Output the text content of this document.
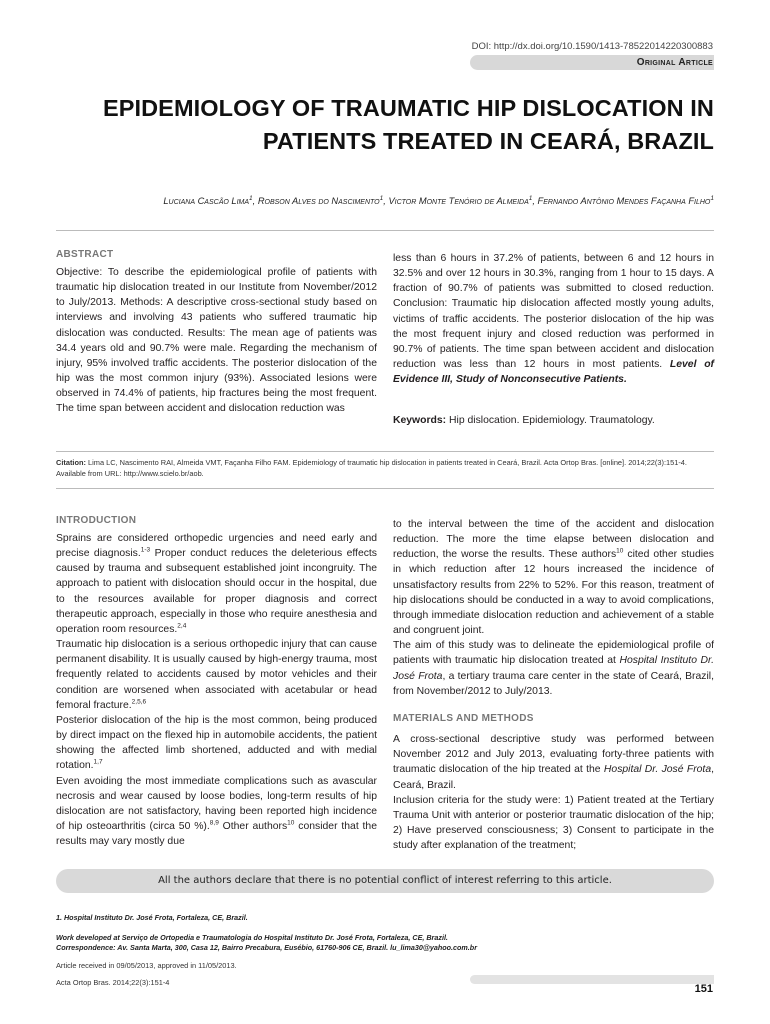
DOI: http://dx.doi.org/10.1590/1413-78522014220300883
Original Article
EPIDEMIOLOGY OF TRAUMATIC HIP DISLOCATION IN
PATIENTS TREATED IN CEARÁ, BRAZIL
Luciana Cascão Lima$^1$, Robson Alves do Nascimento$^1$, Victor Monte Tenório de Almeida$^1$, Fernando Antônio Mendes Façanha Filho$^1$
ABSTRACT

Objective: To describe the epidemiological profile of patients with traumatic hip dislocation treated in our Institute from November/2012 to July/2013. Methods: A descriptive cross-sectional study based on interviews and involving 43 patients who suffered traumatic hip dislocation was conducted. Results: The mean age of patients was 34.4 years old and 90.7% were male. Regarding the mechanism of injury, 95% involved traffic accidents. The posterior dislocation of the hip was the most common injury (93%). Associated lesions were observed in 74.4% of patients, hip fractures being the most frequent. The time span between accident and dislocation reduction was

less than 6 hours in 37.2% of patients, between 6 and 12 hours in 32.5% and over 12 hours in 30.3%, ranging from 1 hour to 15 days. A fraction of 90.7% of patients was submitted to closed reduction. Conclusion: Traumatic hip dislocation affected mostly young adults, victims of traffic accidents. The posterior dislocation of the hip was the most frequent injury and closed reduction was performed in 90.7% of patients. The time span between accident and dislocation reduction was less than 12 hours in most patients. Level of Evidence III, Study of Nonconsecutive Patients.

Keywords: Hip dislocation. Epidemiology. Traumatology.
Citation: Lima LC, Nascimento RAI, Almeida VMT, Façanha Filho FAM. Epidemiology of traumatic hip dislocation in patients treated in Ceará, Brazil. Acta Ortop Bras. [online]. 2014;22(3):151-4. Available from URL: http://www.scielo.br/aob.
INTRODUCTION

Sprains are considered orthopedic urgencies and need early and precise diagnosis.$^{1-3}$ Proper conduct reduces the deleterious effects caused by trauma and subsequent established joint incongruity. The approach to patient with dislocation should occur in the hospital, due to the resources available for proper diagnosis and correct therapeutic approach, especially in those who require anesthesia and operation room resources.$^{2,4}$

Traumatic hip dislocation is a serious orthopedic injury that can cause permanent disability. It is usually caused by high-energy trauma, most frequently related to accidents caused by motor vehicles and their condition are worsened when associated with acetabular or head femoral fracture.$^{2,5,6}$

Posterior dislocation of the hip is the most common, being produced by direct impact on the flexed hip in automobile accidents, the patient showing the affected limb shortened, adducted and with medial rotation.$^{1,7}$

Even avoiding the most immediate complications such as avascular necrosis and wear caused by loose bodies, long-term results of hip dislocation are not satisfactory, having been reported high incidence of hip osteoarthritis (circa 50 %).$^{8,9}$ Other authors$^{10}$ consider that the results may vary mostly due

to the interval between the time of the accident and dislocation reduction. The more the time elapse between dislocation and reduction, the worse the results. These authors$^{10}$ cited other studies in which reduction after 12 hours increased the incidence of unsatisfactory results from 22% to 52%. For this reason, treatment of hip dislocations should be conducted in a way to avoid complications, through immediate dislocation reduction and achievement of a stable and congruent joint.

The aim of this study was to delineate the epidemiological profile of patients with traumatic hip dislocation treated at Hospital Instituto Dr. José Frota, a tertiary trauma care center in the state of Ceará, Brazil, from November/2012 to July/2013.

MATERIALS AND METHODS

A cross-sectional descriptive study was performed between November 2012 and July 2013, evaluating forty-three patients with traumatic dislocation of the hip treated at the Hospital Dr. José Frota, Ceará, Brazil.

Inclusion criteria for the study were: 1) Patient treated at the Tertiary Trauma Unit with anterior or posterior traumatic dislocation of the hip; 2) Have preserved consciousness; 3) Consent to participate in the study after explanation of the treatment;

All the authors declare that there is no potential conflict of interest referring to this article.
1. Hospital Instituto Dr. José Frota, Fortaleza, CE, Brazil.
Work developed at Serviço de Ortopedia e Traumatologia do Hospital Instituto Dr. José Frota, Fortaleza, CE, Brazil.
Correspondence: Av. Santa Marta, 300, Casa 12, Bairro Precabura, Eusébio, 61760-906 CE, Brazil. lu_lima30@yahoo.com.br
Article received in 09/05/2013, approved in 11/05/2013.
Acta Ortop Bras. 2014;22(3):151-4
151
